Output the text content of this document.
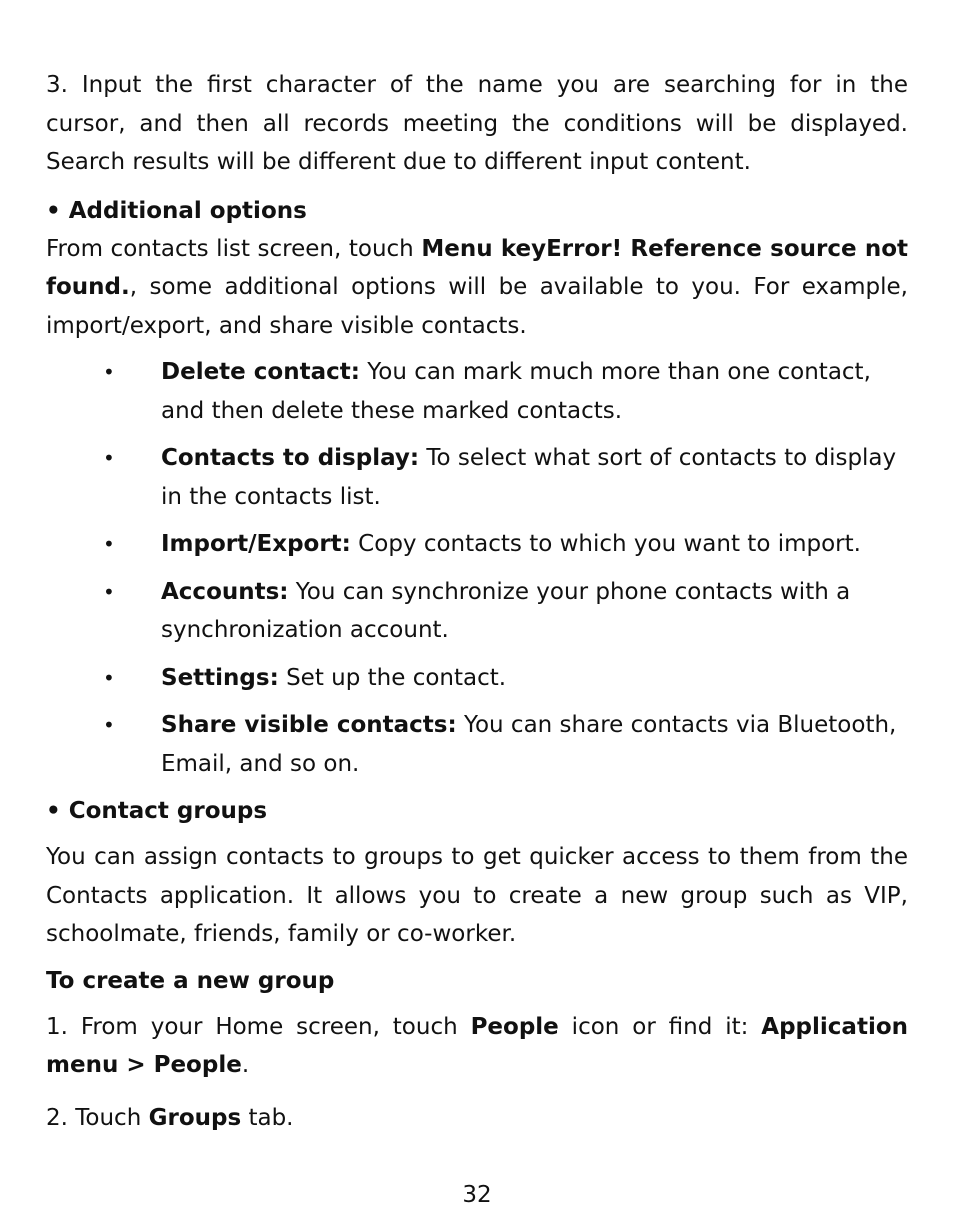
3. Input the first character of the name you are searching for in the cursor, and then all records meeting the conditions will be displayed. Search results will be different due to different input content.

• Additional options

From contacts list screen, touch Menu keyError! Reference source not found., some additional options will be available to you. For example, import/export, and share visible contacts.

• Delete contact: You can mark much more than one contact, and then delete these marked contacts.
• Contacts to display: To select what sort of contacts to display in the contacts list.
• Import/Export: Copy contacts to which you want to import.
• Accounts: You can synchronize your phone contacts with a synchronization account.
• Settings: Set up the contact.
• Share visible contacts: You can share contacts via Bluetooth, Email, and so on.

• Contact groups

You can assign contacts to groups to get quicker access to them from the Contacts application. It allows you to create a new group such as VIP, schoolmate, friends, family or co-worker.

To create a new group

1. From your Home screen, touch People icon or find it: Application menu > People.

2. Touch Groups tab.

32
